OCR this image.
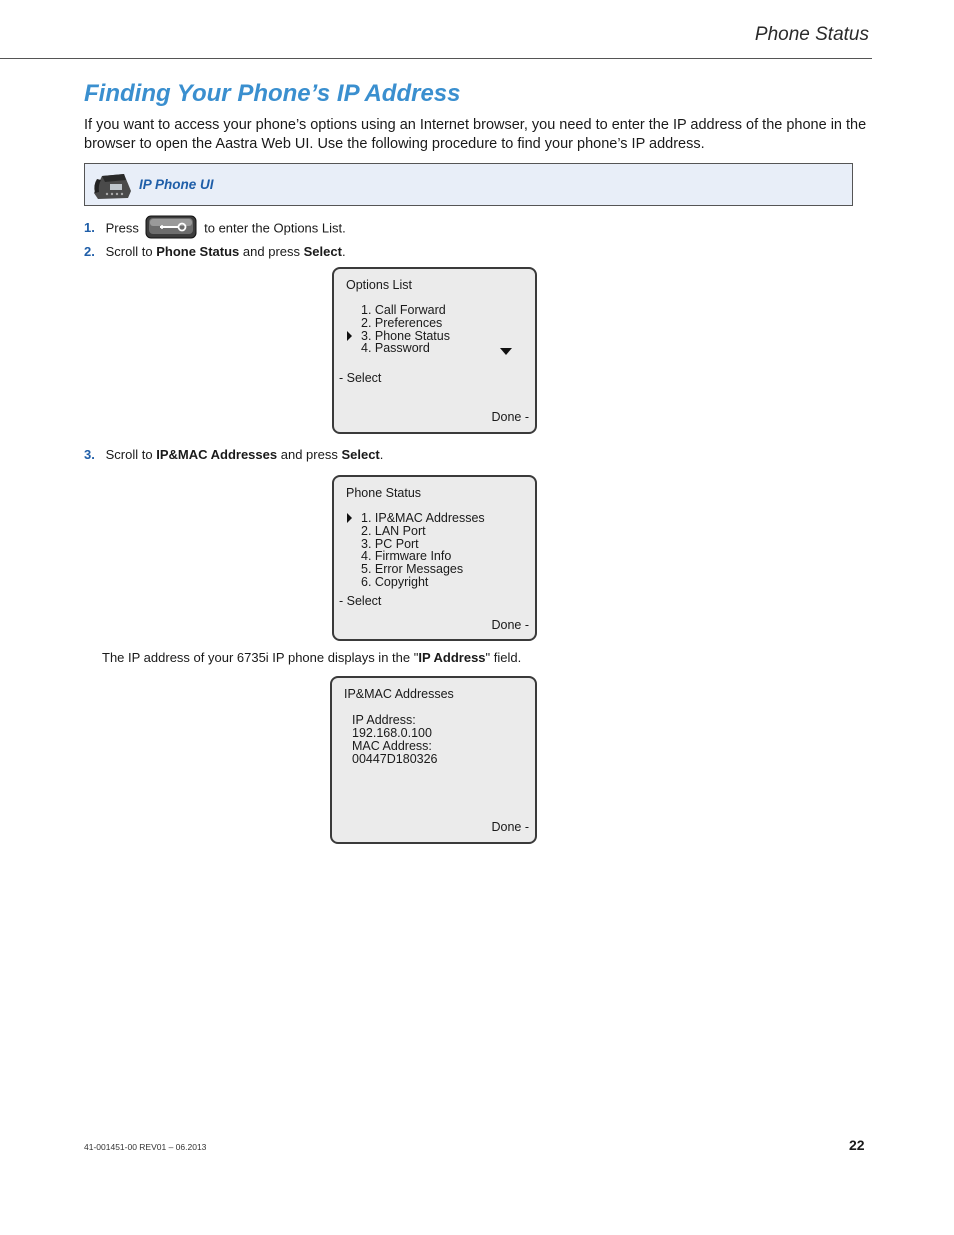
Phone Status
Finding Your Phone’s IP Address

If you want to access your phone’s options using an Internet browser, you need to enter the IP address of the phone in the browser to open the Aastra Web UI. Use the following procedure to find your phone’s IP address.

IP Phone UI
1. Press	to enter the Options List.
2. Scroll to Phone Status and press Select.
Options List
1. Call Forward
2. Preferences
3. Phone Status
4. Password
- Select
Done -
3. Scroll to IP&MAC Addresses and press Select.
Phone Status
1. IP&MAC Addresses
2. LAN Port
3. PC Port
4. Firmware Info
5. Error Messages
6. Copyright
- Select
Done -
The IP address of your 6735i IP phone displays in the "IP Address" field.
IP&MAC Addresses
IP Address:
192.168.0.100
MAC Address:
00447D180326
Done -
41-001451-00 REV01 – 06.2013	22
